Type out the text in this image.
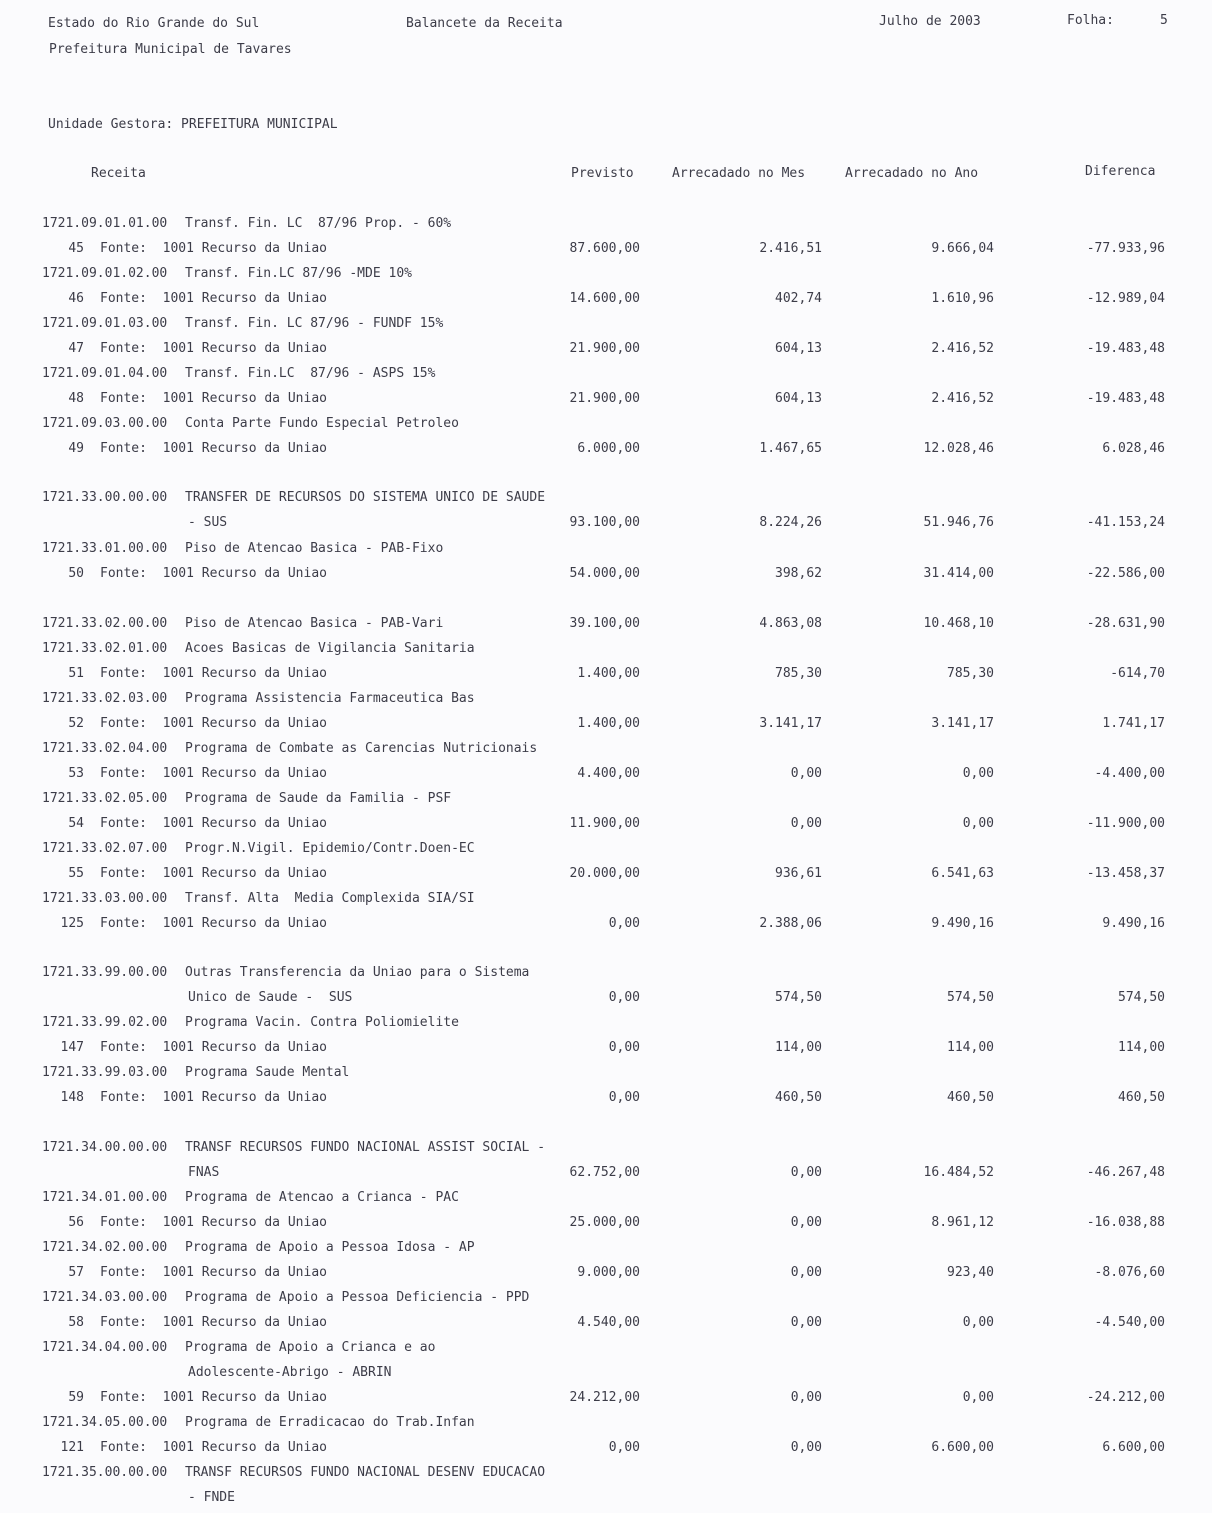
Estado do Rio Grande do Sul	Balancete da Receita	Julho de 2003	Folha:	5
Prefeitura Municipal de Tavares
Unidade Gestora: PREFEITURA MUNICIPAL
Receita	Previsto	Arrecadado no Mes	Arrecadado no Ano	Diferenca
1721.09.01.01.00 Transf. Fin. LC  87/96 Prop. - 60%
45 Fonte:  1001 Recurso da Uniao	87.600,00	2.416,51	9.666,04	-77.933,96
1721.09.01.02.00 Transf. Fin.LC 87/96 -MDE 10%
46 Fonte:  1001 Recurso da Uniao	14.600,00	402,74	1.610,96	-12.989,04
1721.09.01.03.00 Transf. Fin. LC 87/96 - FUNDF 15%
47 Fonte:  1001 Recurso da Uniao	21.900,00	604,13	2.416,52	-19.483,48
1721.09.01.04.00 Transf. Fin.LC  87/96 - ASPS 15%
48 Fonte:  1001 Recurso da Uniao	21.900,00	604,13	2.416,52	-19.483,48
1721.09.03.00.00 Conta Parte Fundo Especial Petroleo
49 Fonte:  1001 Recurso da Uniao	6.000,00	1.467,65	12.028,46	6.028,46
1721.33.00.00.00 TRANSFER DE RECURSOS DO SISTEMA UNICO DE SAUDE
- SUS	93.100,00	8.224,26	51.946,76	-41.153,24
1721.33.01.00.00 Piso de Atencao Basica - PAB-Fixo
50 Fonte:  1001 Recurso da Uniao	54.000,00	398,62	31.414,00	-22.586,00
1721.33.02.00.00 Piso de Atencao Basica - PAB-Vari	39.100,00	4.863,08	10.468,10	-28.631,90
1721.33.02.01.00 Acoes Basicas de Vigilancia Sanitaria
51 Fonte:  1001 Recurso da Uniao	1.400,00	785,30	785,30	-614,70
1721.33.02.03.00 Programa Assistencia Farmaceutica Bas
52 Fonte:  1001 Recurso da Uniao	1.400,00	3.141,17	3.141,17	1.741,17
1721.33.02.04.00 Programa de Combate as Carencias Nutricionais
53 Fonte:  1001 Recurso da Uniao	4.400,00	0,00	0,00	-4.400,00
1721.33.02.05.00 Programa de Saude da Familia - PSF
54 Fonte:  1001 Recurso da Uniao	11.900,00	0,00	0,00	-11.900,00
1721.33.02.07.00 Progr.N.Vigil. Epidemio/Contr.Doen-EC
55 Fonte:  1001 Recurso da Uniao	20.000,00	936,61	6.541,63	-13.458,37
1721.33.03.00.00 Transf. Alta  Media Complexida SIA/SI
125 Fonte:  1001 Recurso da Uniao	0,00	2.388,06	9.490,16	9.490,16
1721.33.99.00.00 Outras Transferencia da Uniao para o Sistema
Unico de Saude -  SUS	0,00	574,50	574,50	574,50
1721.33.99.02.00 Programa Vacin. Contra Poliomielite
147 Fonte:  1001 Recurso da Uniao	0,00	114,00	114,00	114,00
1721.33.99.03.00 Programa Saude Mental
148 Fonte:  1001 Recurso da Uniao	0,00	460,50	460,50	460,50
1721.34.00.00.00 TRANSF RECURSOS FUNDO NACIONAL ASSIST SOCIAL -
FNAS	62.752,00	0,00	16.484,52	-46.267,48
1721.34.01.00.00 Programa de Atencao a Crianca - PAC
56 Fonte:  1001 Recurso da Uniao	25.000,00	0,00	8.961,12	-16.038,88
1721.34.02.00.00 Programa de Apoio a Pessoa Idosa - AP
57 Fonte:  1001 Recurso da Uniao	9.000,00	0,00	923,40	-8.076,60
1721.34.03.00.00 Programa de Apoio a Pessoa Deficiencia - PPD
58 Fonte:  1001 Recurso da Uniao	4.540,00	0,00	0,00	-4.540,00
1721.34.04.00.00 Programa de Apoio a Crianca e ao
Adolescente-Abrigo - ABRIN
59 Fonte:  1001 Recurso da Uniao	24.212,00	0,00	0,00	-24.212,00
1721.34.05.00.00 Programa de Erradicacao do Trab.Infan
121 Fonte:  1001 Recurso da Uniao	0,00	0,00	6.600,00	6.600,00
1721.35.00.00.00 TRANSF RECURSOS FUNDO NACIONAL DESENV EDUCACAO
- FNDE
